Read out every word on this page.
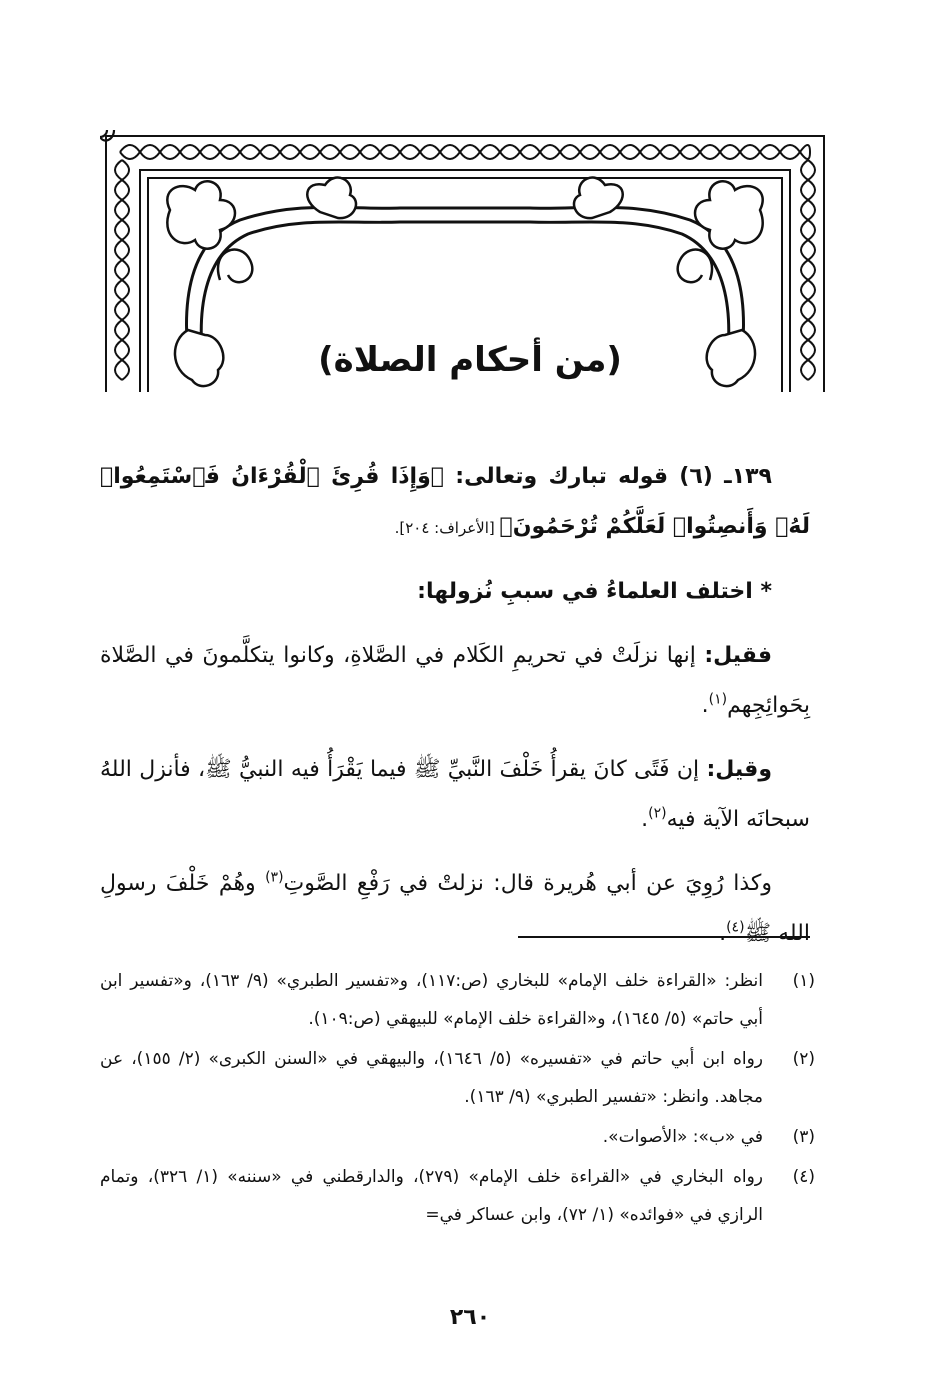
(من أحكام الصلاة)

١٣٩ـ (٦) قوله تبارك وتعالى: ﴿وَإِذَا قُرِئَ ٱلْقُرْءَانُ فَٱسْتَمِعُوا۟ لَهُۥ وَأَنصِتُوا۟ لَعَلَّكُمْ تُرْحَمُونَ﴾ [الأعراف: ٢٠٤].

* اختلف العلماءُ في سببِ نُزولها:

فقيل: إنها نزلَتْ في تحريمِ الكَلام في الصَّلاةِ، وكانوا يتكلَّمونَ في الصَّلاة بِحَوائِجِهم$^{(١)}$.

وقيل: إن فَتًى كانَ يقرأُ خَلْفَ النَّبيِّ ﷺ فيما يَقْرَأُ فيه النبيُّ ﷺ، فأنزل اللهُ سبحانَه الآية فيه$^{(٢)}$.

وكذا رُوِيَ عن أبي هُريرة قال: نزلتْ في رَفْعِ الصَّوتِ$^{(٣)}$ وهُمْ خَلْفَ رسولِ الله ﷺ$^{(٤)}$.

(١)
انظر: «القراءة خلف الإمام» للبخاري (ص:١١٧)، و«تفسير الطبري» (٩/ ١٦٣)، و«تفسير ابن أبي حاتم» (٥/ ١٦٤٥)، و«القراءة خلف الإمام» للبيهقي (ص:١٠٩).
(٢)
رواه ابن أبي حاتم في «تفسيره» (٥/ ١٦٤٦)، والبيهقي في «السنن الكبرى» (٢/ ١٥٥)، عن مجاهد. وانظر: «تفسير الطبري» (٩/ ١٦٣).
(٣)
في «ب»: «الأصوات».
(٤)
رواه البخاري في «القراءة خلف الإمام» (٢٧٩)، والدارقطني في «سننه» (١/ ٣٢٦)، وتمام الرازي في «فوائده» (١/ ٧٢)، وابن عساكر في=
٢٦٠
